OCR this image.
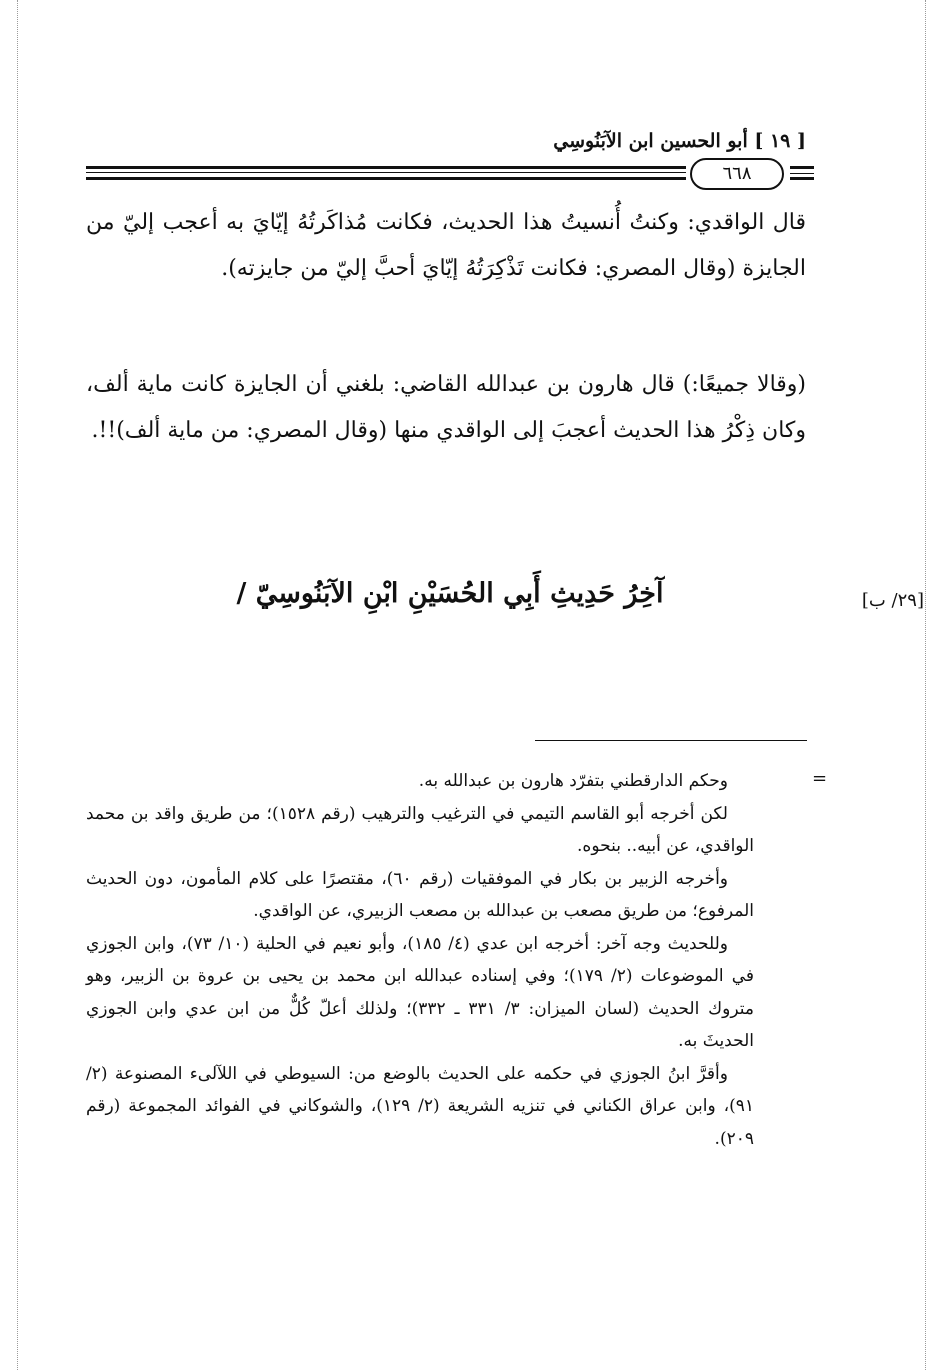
[ ١٩ ] أبو الحسين ابن الآبَنُوسِي
٦٦٨

قال الواقدي: وكنتُ أُنسيتُ هذا الحديث، فكانت مُذاكَرتُهُ إيّايَ به أعجب إليّ من الجايزة (وقال المصري: فكانت تَذْكِرَتُهُ إيّايَ أحبَّ إليّ من جايزته).

(وقالا جميعًا:) قال هارون بن عبدالله القاضي: بلغني أن الجايزة كانت ماية ألف، وكان ذِكْرُ هذا الحديث أعجبَ إلى الواقدي منها (وقال المصري: من ماية ألف)!!.

آخِرُ حَدِيثِ أَبِي الحُسَيْنِ ابْنِ الآبَنُوسِيّ /	[٢٩/ ب]
=

وحكم الدارقطني بتفرّد هارون بن عبدالله به.

لكن أخرجه أبو القاسم التيمي في الترغيب والترهيب (رقم ١٥٢٨)؛ من طريق واقد بن محمد الواقدي، عن أبيه.. بنحوه.

وأخرجه الزبير بن بكار في الموفقيات (رقم ٦٠)، مقتصرًا على كلام المأمون، دون الحديث المرفوع؛ من طريق مصعب بن عبدالله بن مصعب الزبيري، عن الواقدي.

وللحديث وجه آخر: أخرجه ابن عدي (٤/ ١٨٥)، وأبو نعيم في الحلية (١٠/ ٧٣)، وابن الجوزي في الموضوعات (٢/ ١٧٩)؛ وفي إسناده عبدالله ابن محمد بن يحيى بن عروة بن الزبير، وهو متروك الحديث (لسان الميزان: ٣/ ٣٣١ ـ ٣٣٢)؛ ولذلك أعلّ كُلٌّ من ابن عدي وابن الجوزي الحديثَ به.

وأقرَّ ابنُ الجوزي في حكمه على الحديث بالوضع من: السيوطي في اللآلىء المصنوعة (٢/ ٩١)، وابن عراق الكناني في تنزيه الشريعة (٢/ ١٢٩)، والشوكاني في الفوائد المجموعة (رقم ٢٠٩).
